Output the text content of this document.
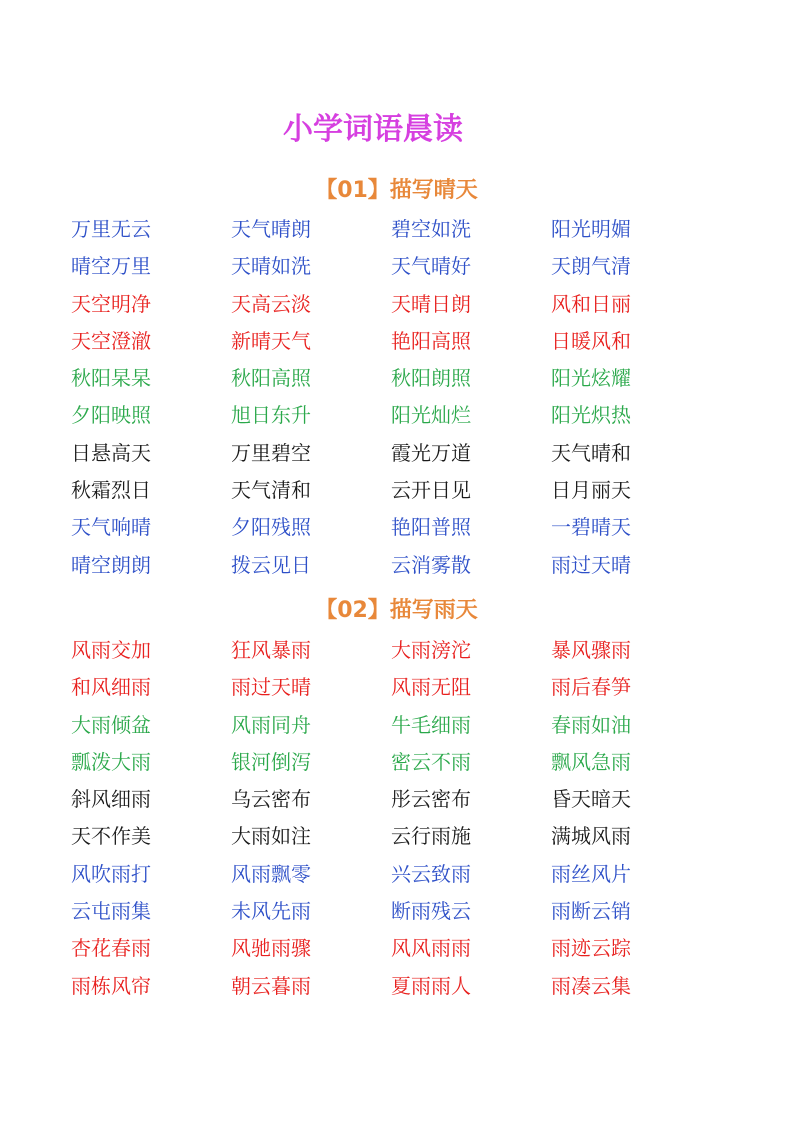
小学词语晨读
【01】描写晴天
万里无云	天气晴朗	碧空如洗	阳光明媚
晴空万里	天晴如洗	天气晴好	天朗气清
天空明净	天高云淡	天晴日朗	风和日丽
天空澄澈	新晴天气	艳阳高照	日暖风和
秋阳杲杲	秋阳高照	秋阳朗照	阳光炫耀
夕阳映照	旭日东升	阳光灿烂	阳光炽热
日悬高天	万里碧空	霞光万道	天气晴和
秋霜烈日	天气清和	云开日见	日月丽天
天气响晴	夕阳残照	艳阳普照	一碧晴天
晴空朗朗	拨云见日	云消雾散	雨过天晴
【02】描写雨天
风雨交加	狂风暴雨	大雨滂沱	暴风骤雨
和风细雨	雨过天晴	风雨无阻	雨后春笋
大雨倾盆	风雨同舟	牛毛细雨	春雨如油
瓢泼大雨	银河倒泻	密云不雨	飘风急雨
斜风细雨	乌云密布	彤云密布	昏天暗天
天不作美	大雨如注	云行雨施	满城风雨
风吹雨打	风雨飘零	兴云致雨	雨丝风片
云屯雨集	未风先雨	断雨残云	雨断云销
杏花春雨	风驰雨骤	风风雨雨	雨迹云踪
雨栋风帘	朝云暮雨	夏雨雨人	雨凑云集
